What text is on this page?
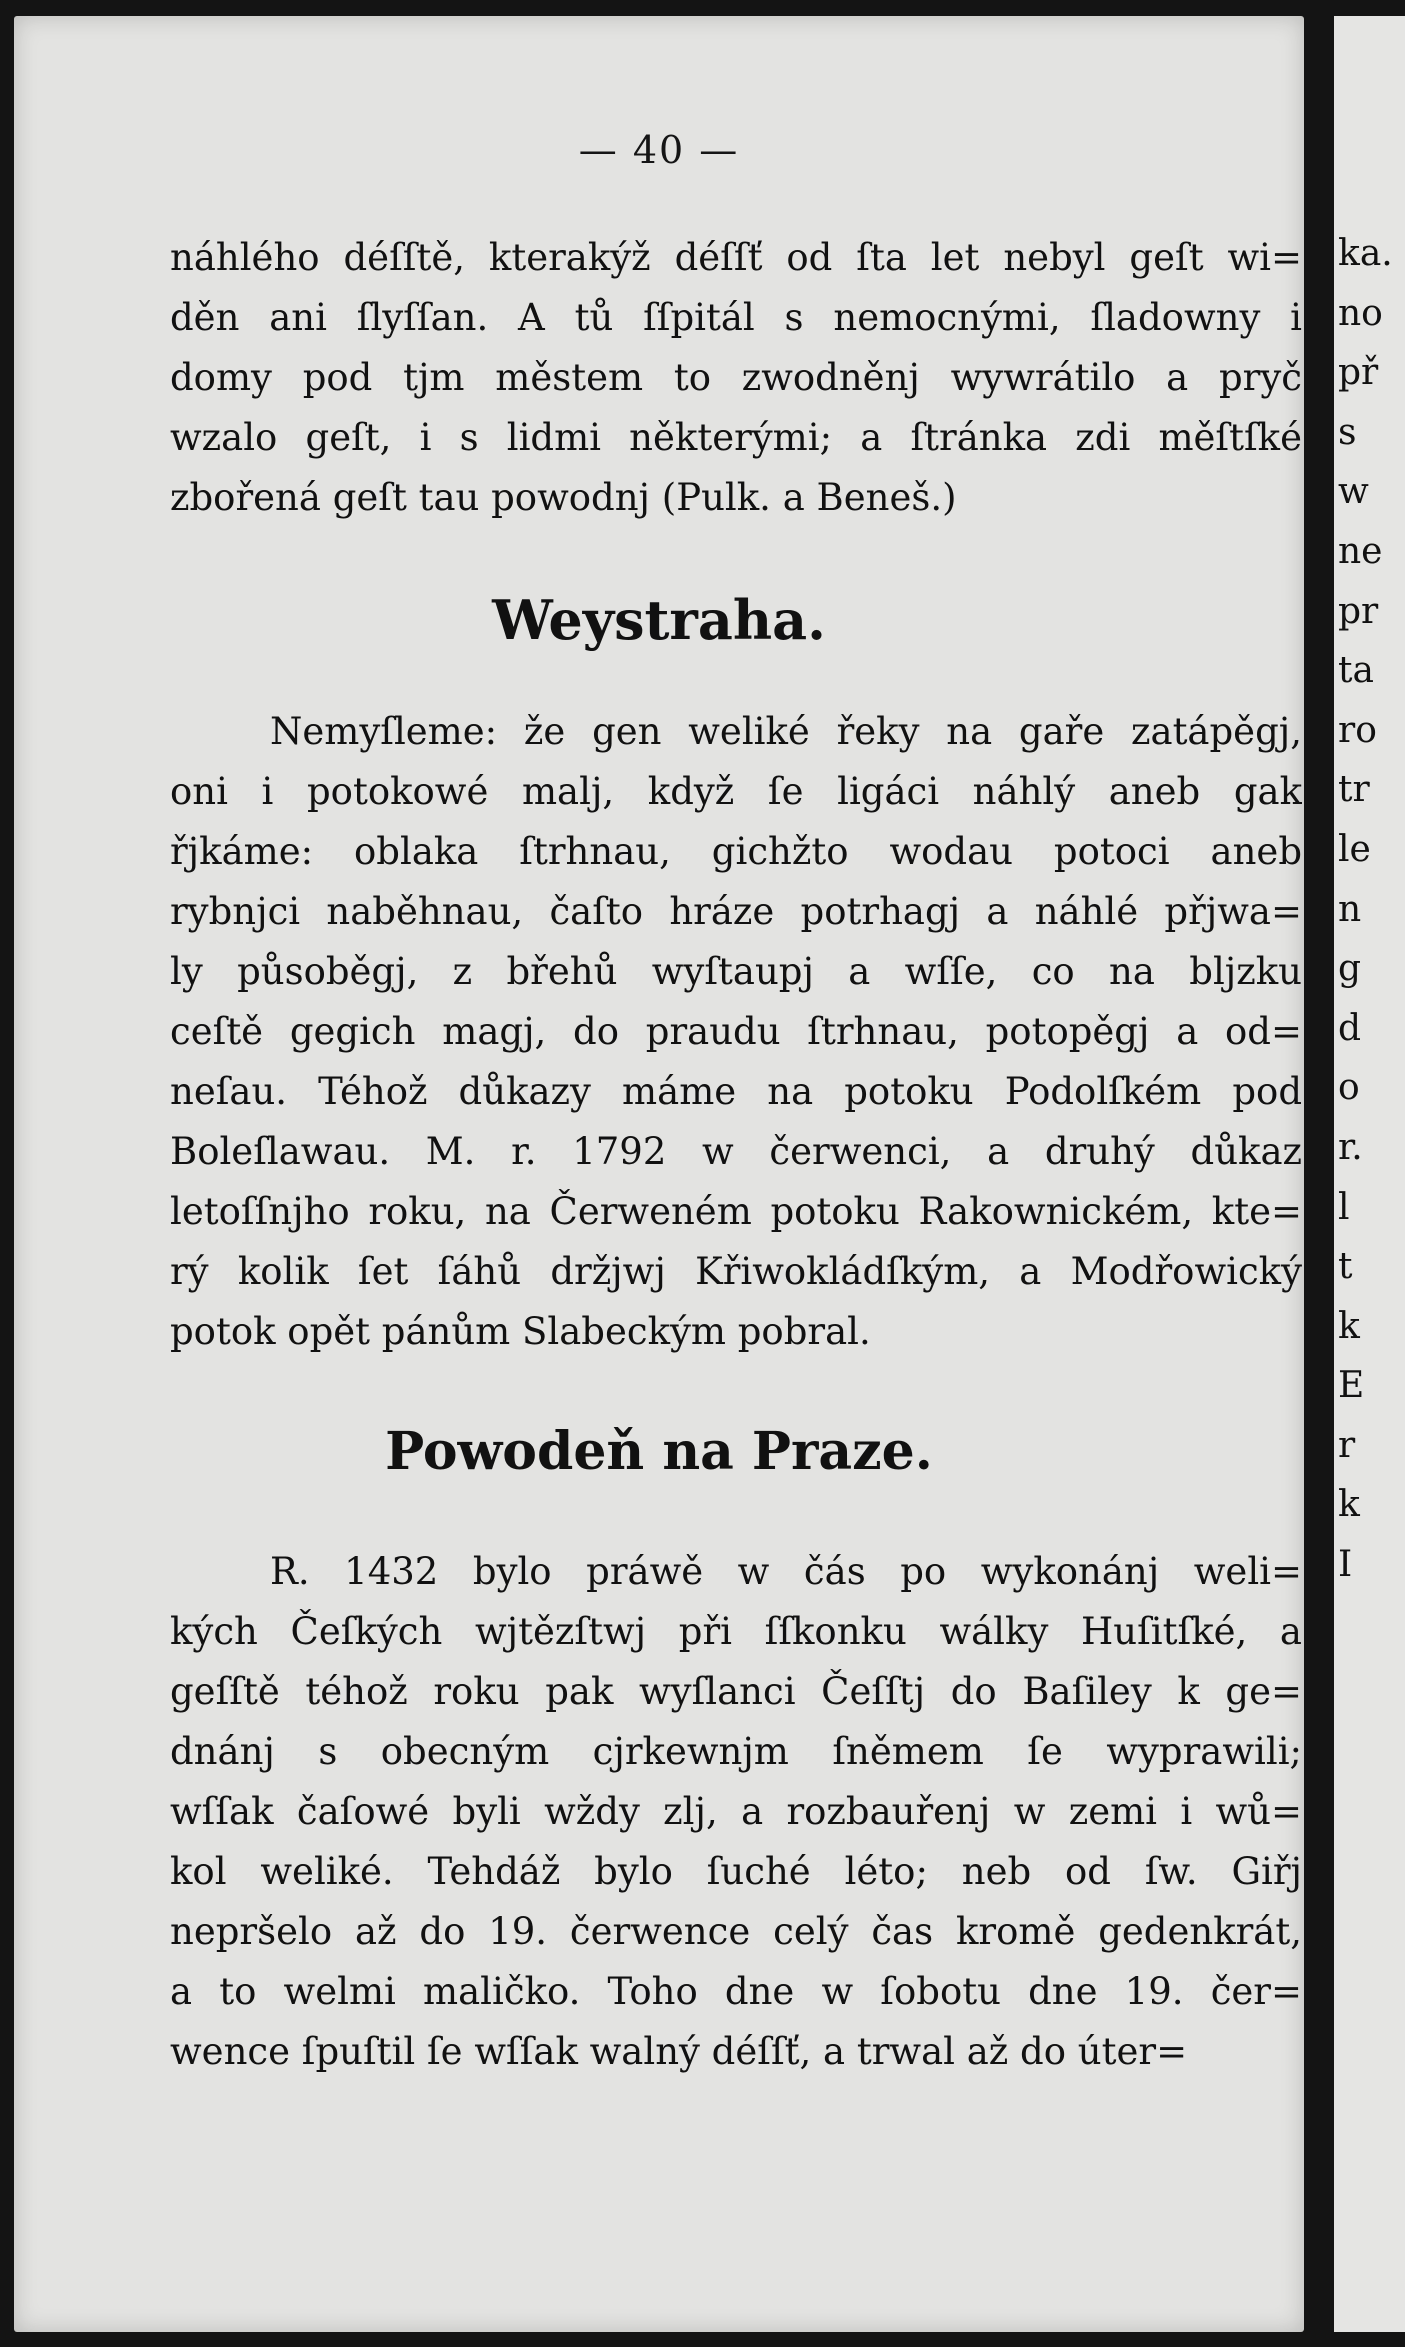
— 40 —
náhlého déſſtě, kterakýž déſſť od ſta let nebyl geſt wi=
děn ani ſlyſſan. A tů ſſpitál s nemocnými, ſladowny i
domy pod tjm městem to zwodněnj wywrátilo a pryč
wzalo geſt, i s lidmi některými; a ſtránka zdi měſtſké
zbořená geſt tau powodnj (Pulk. a Beneš.)
Weystraha.
Nemyſleme: že gen weliké řeky na gaře zatápěgj,
oni i potokowé malj, když ſe ligáci náhlý aneb gak
řjkáme: oblaka ſtrhnau, gichžto wodau potoci aneb
rybnjci naběhnau, čaſto hráze potrhagj a náhlé přjwa=
ly působěgj, z břehů wyſtaupj a wſſe, co na bljzku
ceſtě gegich magj, do praudu ſtrhnau, potopěgj a od=
neſau. Téhož důkazy máme na potoku Podolſkém pod
Boleſlawau. M. r. 1792 w čerwenci, a druhý důkaz
letoſſnjho roku, na Čerweném potoku Rakownickém, kte=
rý kolik ſet ſáhů držjwj Křiwokládſkým, a Modřowický
potok opět pánům Slabeckým pobral.
Powodeň na Praze.
R. 1432 bylo práwě w čás po wykonánj weli=
kých Čeſkých wjtězſtwj při ſſkonku wálky Huſitſké, a
geſſtě téhož roku pak wyſlanci Čeſſtj do Baſiley k ge=
dnánj s obecným cjrkewnjm ſněmem ſe wyprawili;
wſſak čaſowé byli wždy zlj, a rozbauřenj w zemi i wů=
kol weliké. Tehdáž bylo ſuché léto; neb od ſw. Giřj
nepršelo až do 19. čerwence celý čas kromě gedenkrát,
a to welmi maličko. Toho dne w ſobotu dne 19. čer=
wence ſpuſtil ſe wſſak walný déſſť, a trwal až do úter=
ka.
no
př
s
w
ne
pr
ta
ro
tr
le
n
g
d
o
r.
l
t
k
E
r
k
I
